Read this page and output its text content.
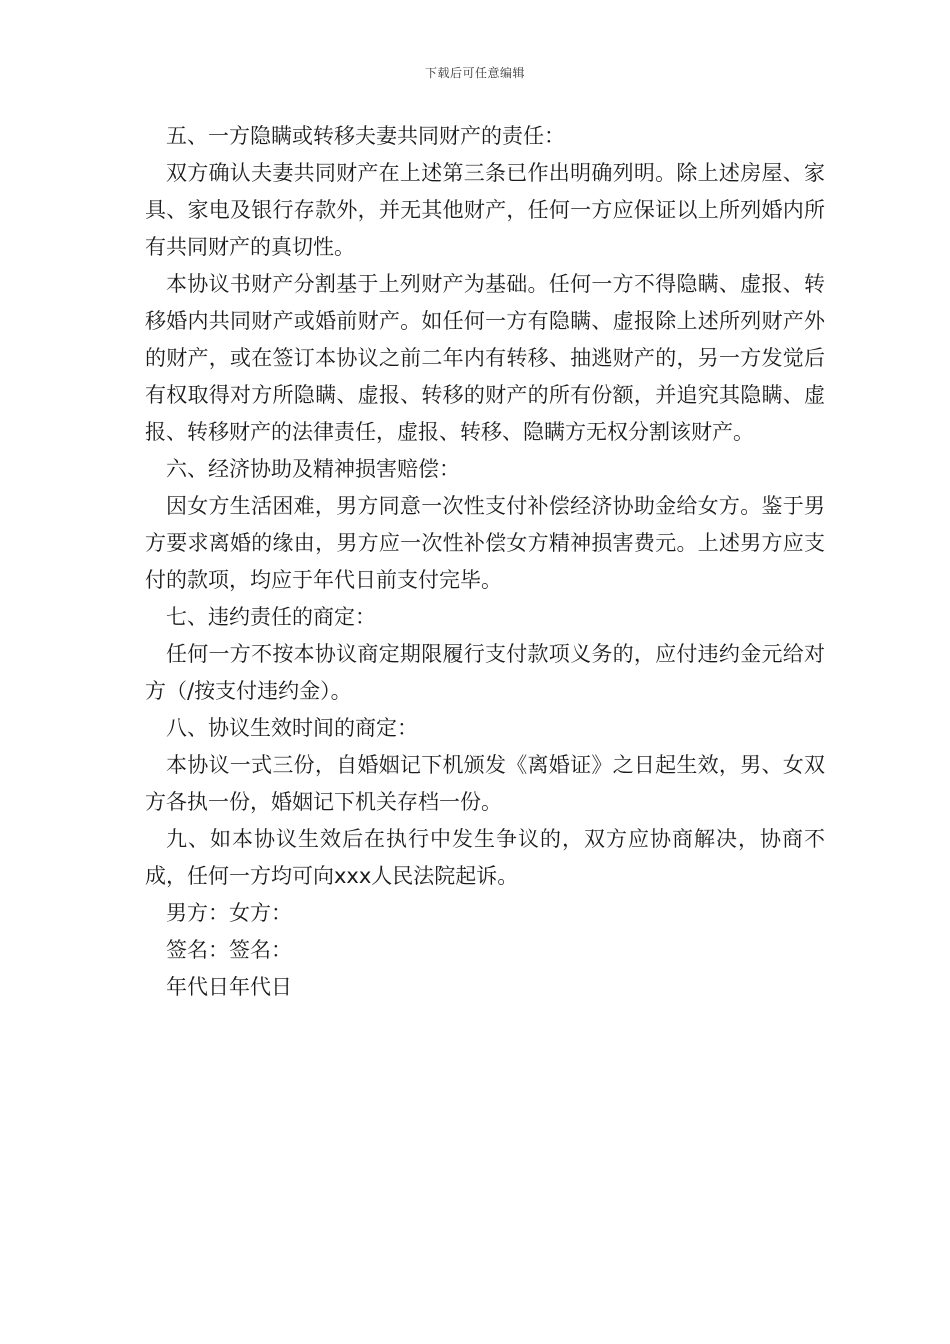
下载后可任意编辑

五、一方隐瞒或转移夫妻共同财产的责任：

双方确认夫妻共同财产在上述第三条已作出明确列明。除上述房屋、家具、家电及银行存款外，并无其他财产，任何一方应保证以上所列婚内所有共同财产的真切性。

本协议书财产分割基于上列财产为基础。任何一方不得隐瞒、虚报、转移婚内共同财产或婚前财产。如任何一方有隐瞒、虚报除上述所列财产外的财产，或在签订本协议之前二年内有转移、抽逃财产的，另一方发觉后有权取得对方所隐瞒、虚报、转移的财产的所有份额，并追究其隐瞒、虚报、转移财产的法律责任，虚报、转移、隐瞒方无权分割该财产。

六、经济协助及精神损害赔偿：

因女方生活困难，男方同意一次性支付补偿经济协助金给女方。鉴于男方要求离婚的缘由，男方应一次性补偿女方精神损害费元。上述男方应支付的款项，均应于年代日前支付完毕。

七、违约责任的商定：

任何一方不按本协议商定期限履行支付款项义务的，应付违约金元给对方（/按支付违约金）。

八、协议生效时间的商定：

本协议一式三份，自婚姻记下机颁发《离婚证》之日起生效，男、女双方各执一份，婚姻记下机关存档一份。

九、如本协议生效后在执行中发生争议的，双方应协商解决，协商不成，任何一方均可向xxx人民法院起诉。

男方：女方：

签名：签名：

年代日年代日
